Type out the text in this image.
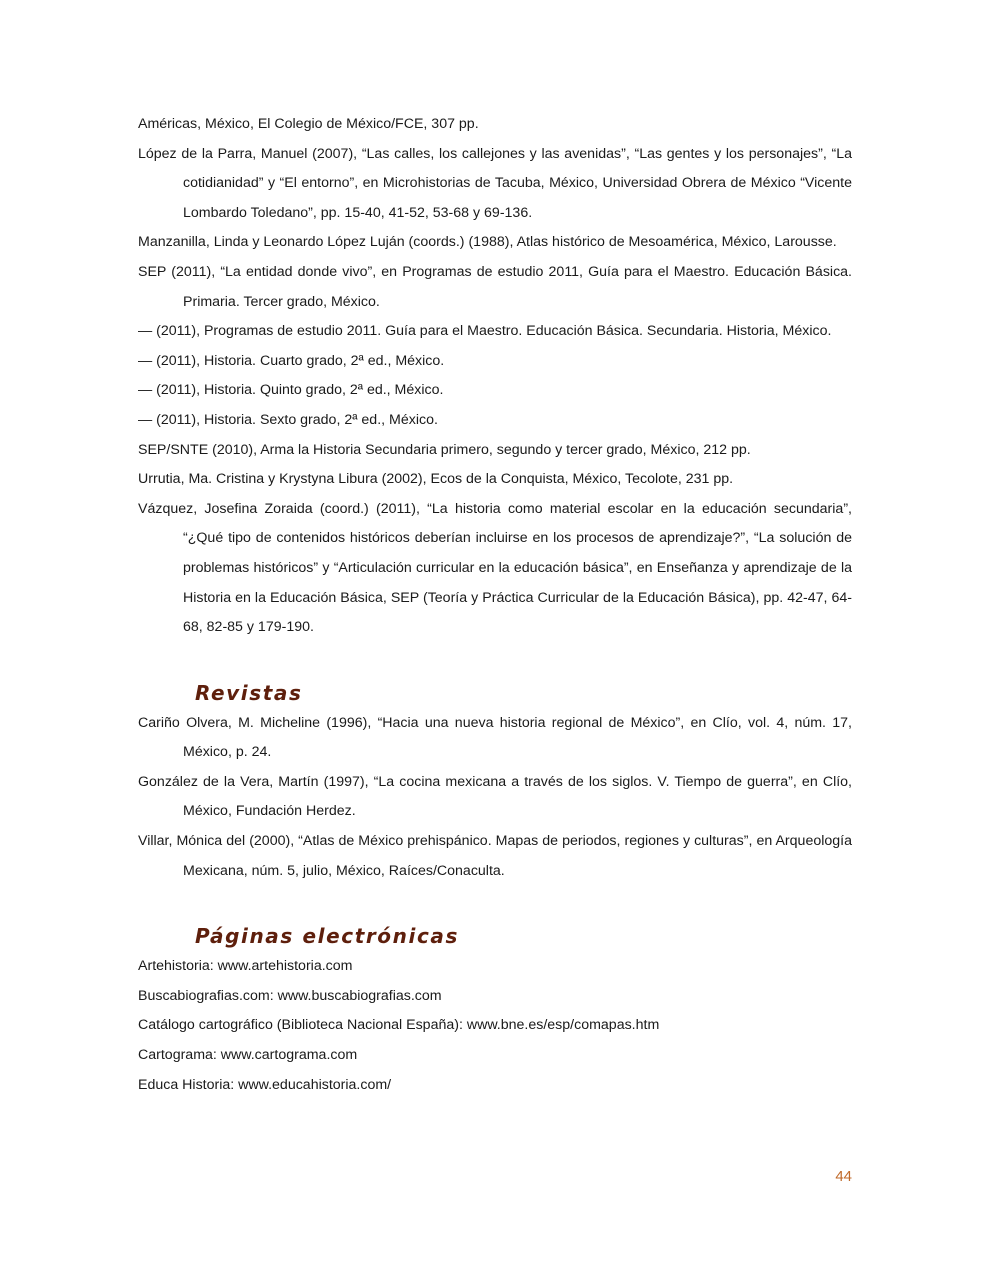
Américas, México, El Colegio de México/FCE, 307 pp.

López de la Parra, Manuel (2007), “Las calles, los callejones y las avenidas”, “Las gentes y los personajes”, “La cotidianidad” y “El entorno”, en Microhistorias de Tacuba, México, Universidad Obrera de México “Vicente Lombardo Toledano”, pp. 15-40, 41-52, 53-68 y 69-136.

Manzanilla, Linda y Leonardo López Luján (coords.) (1988), Atlas histórico de Mesoamérica, México, Larousse.

SEP (2011), “La entidad donde vivo”, en Programas de estudio 2011, Guía para el Maestro. Educación Básica. Primaria. Tercer grado, México.

— (2011), Programas de estudio 2011. Guía para el Maestro. Educación Básica. Secundaria. Historia, México.

— (2011), Historia. Cuarto grado, 2ª ed., México.

— (2011), Historia. Quinto grado, 2ª ed., México.

— (2011), Historia. Sexto grado, 2ª ed., México.

SEP/SNTE (2010), Arma la Historia Secundaria primero, segundo y tercer grado, México, 212 pp.

Urrutia, Ma. Cristina y Krystyna Libura (2002), Ecos de la Conquista, México, Tecolote, 231 pp.

Vázquez, Josefina Zoraida (coord.) (2011), “La historia como material escolar en la educación secundaria”, “¿Qué tipo de contenidos históricos deberían incluirse en los procesos de aprendizaje?”, “La solución de problemas históricos” y “Articulación curricular en la educación básica”, en Enseñanza y aprendizaje de la Historia en la Educación Básica, SEP (Teoría y Práctica Curricular de la Educación Básica), pp. 42-47, 64-68, 82-85 y 179-190.

Revistas

Cariño Olvera, M. Micheline (1996), “Hacia una nueva historia regional de México”, en Clío, vol. 4, núm. 17, México, p. 24.

González de la Vera, Martín (1997), “La cocina mexicana a través de los siglos. V. Tiempo de guerra”, en Clío, México, Fundación Herdez.

Villar, Mónica del (2000), “Atlas de México prehispánico. Mapas de periodos, regiones y culturas”, en Arqueología Mexicana, núm. 5, julio, México, Raíces/Conaculta.

Páginas electrónicas

Artehistoria: www.artehistoria.com

Buscabiografias.com: www.buscabiografias.com

Catálogo cartográfico (Biblioteca Nacional España): www.bne.es/esp/comapas.htm

Cartograma: www.cartograma.com

Educa Historia: www.educahistoria.com/

44
